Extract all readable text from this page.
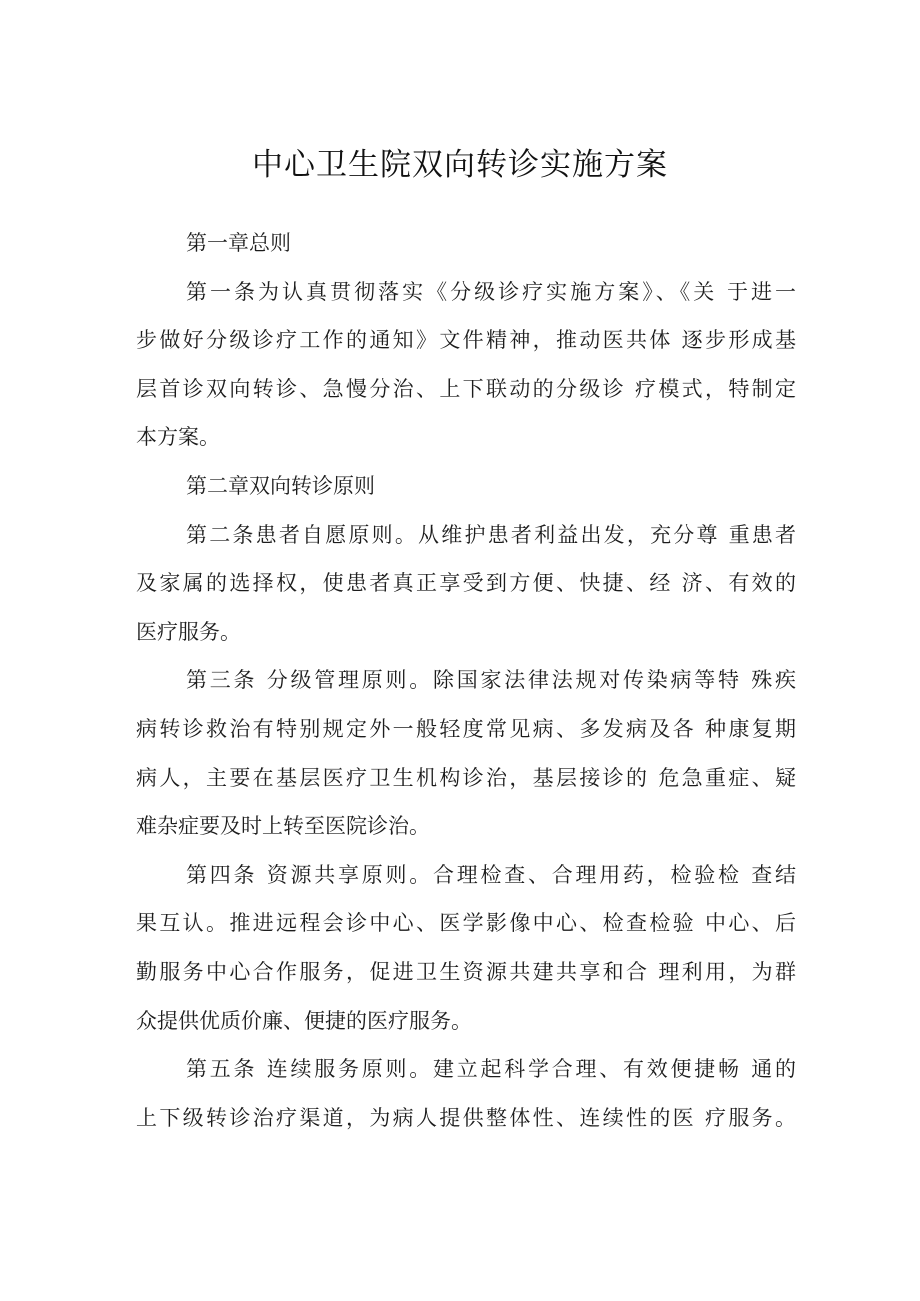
中心卫生院双向转诊实施方案
第一章总则
第一条为认真贯彻落实《分级诊疗实施方案》、《关 于进一
步做好分级诊疗工作的通知》文件精神，推动医共体 逐步形成基
层首诊双向转诊、急慢分治、上下联动的分级诊 疗模式，特制定
本方案。
第二章双向转诊原则
第二条患者自愿原则。从维护患者利益出发，充分尊 重患者
及家属的选择权，使患者真正享受到方便、快捷、经 济、有效的
医疗服务。
第三条 分级管理原则。除国家法律法规对传染病等特 殊疾
病转诊救治有特别规定外一般轻度常见病、多发病及各 种康复期
病人，主要在基层医疗卫生机构诊治，基层接诊的 危急重症、疑
难杂症要及时上转至医院诊治。
第四条 资源共享原则。合理检查、合理用药，检验检 查结
果互认。推进远程会诊中心、医学影像中心、检查检验 中心、后
勤服务中心合作服务，促进卫生资源共建共享和合 理利用，为群
众提供优质价廉、便捷的医疗服务。
第五条 连续服务原则。建立起科学合理、有效便捷畅 通的
上下级转诊治疗渠道，为病人提供整体性、连续性的医 疗服务。
